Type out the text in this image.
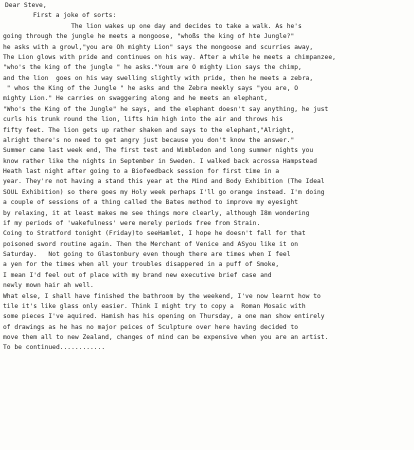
Dear Steve,
First a joke of sorts:
The lion wakes up one day and decides to take a walk. As he's
going through the jungle he meets a mongoose, "whoßs the king of hte Jungle?"
he asks with a growl,"you are Oh mighty Lion" says the mongoose and scurries away,
The Lion glows with pride and continues on his way. After a while he meets a chimpanzee,
"who's the king of the jungle " he asks."Youm are O mighty Lion says the chimp,
and the lion  goes on his way swelling slightly with pride, then he meets a zebra,
" whos the King of the Jungle " he asks and the Zebra meekly says "you are, O
mighty Lion." He carries on swaggering along and he meets an elephant,
"Who's the King of the Jungle" he says, and the elephant doesn't say anything, he just
curls his trunk round the lion, lifts him high into the air and throws his
fifty feet. The lion gets up rather shaken and says to the elephant,"Alright,
alright there's no need to get angry just because you don't know the answer."
Summer came last week end, The first test and Wimbledon and long summer nights you
know rather like the nights in September in Sweden. I walked back acrossa Hampstead
Heath last night after going to a Biofeedback session for first time in a
year. They're not having a stand this year at the Mind and Body Exhibition (The Ideal
SOUL Exhibition) so there goes my Holy week perhaps I'll go orange instead. I'm doing
a couple of sessions of a thing called the Bates method to improve my eyesight
by relaxing, it at least makes me see things more clearly, although I8m wondering
if my periods of 'wakefulness' were merely periods free from Strain.
Coing to Stratford tonight (Friday)to seeHamlet, I hope he doesn't fall for that
poisoned sword routine again. Then the Merchant of Venice and ASyou like it on
Saturday.   Not going to Glastonbury even though there are times when I feel
a yen for the times when all your troubles disappered in a puff of Smoke,
I mean I'd feel out of place with my brand new executive brief case and
newly mown hair ah well.
What else, I shall have finished the bathroom by the weekend, I've now learnt how to
tile it's like glass only easier. Think I might try to copy a  Roman Mosaic with
some pieces I've aquired. Hamish has his opening on Thursday, a one man show entirely
of drawings as he has no major peices of Sculpture over here having decided to
move them all to new Zealand, changes of mind can be expensive when you are an artist.
To be continued............
